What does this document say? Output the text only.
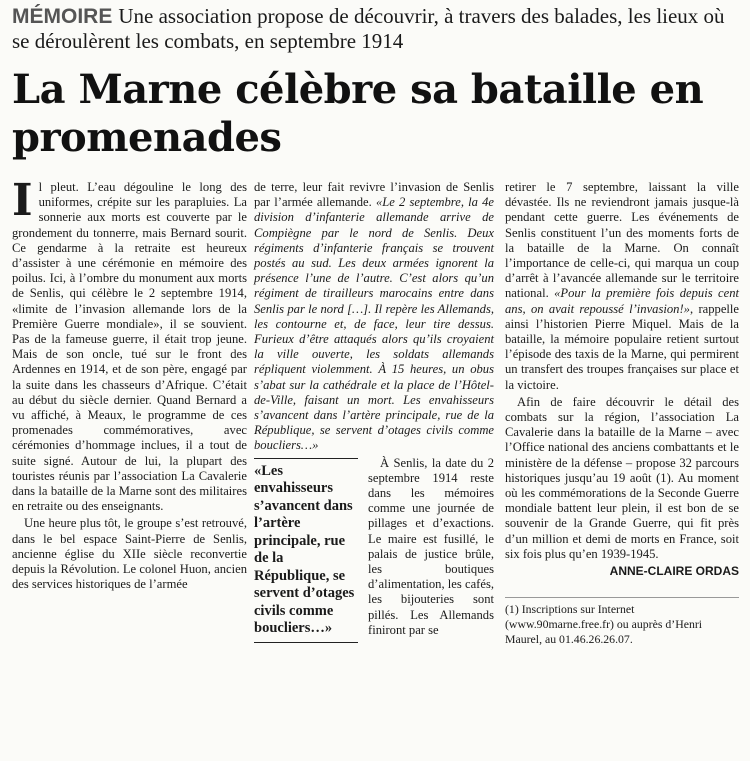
MÉMOIRE Une association propose de découvrir, à travers des balades, les lieux où se déroulèrent les combats, en septembre 1914
La Marne célèbre sa bataille en promenades

Il pleut. L’eau dégouline le long des uniformes, crépite sur les parapluies. La sonnerie aux morts est couverte par le grondement du tonnerre, mais Bernard sourit. Ce gendarme à la retraite est heureux d’assister à une cérémonie en mémoire des poilus. Ici, à l’ombre du monument aux morts de Senlis, qui célèbre le 2 septembre 1914, «limite de l’invasion allemande lors de la Première Guerre mondiale», il se souvient. Pas de la fameuse guerre, il était trop jeune. Mais de son oncle, tué sur le front des Ardennes en 1914, et de son père, engagé par la suite dans les chasseurs d’Afrique. C’était au début du siècle dernier. Quand Bernard a vu affiché, à Meaux, le programme de ces promenades commémoratives, avec cérémonies d’hommage inclues, il a tout de suite signé. Autour de lui, la plupart des touristes réunis par l’association La Cavalerie dans la bataille de la Marne sont des militaires en retraite ou des enseignants.

Une heure plus tôt, le groupe s’est retrouvé, dans le bel espace Saint-Pierre de Senlis, ancienne église du XIIe siècle reconvertie depuis la Révolution. Le colonel Huon, ancien des services historiques de l’armée

de terre, leur fait revivre l’invasion de Senlis par l’armée allemande. «Le 2 septembre, la 4e division d’infanterie allemande arrive de Compiègne par le nord de Senlis. Deux régiments d’infanterie français se trouvent postés au sud. Les deux armées ignorent la présence l’une de l’autre. C’est alors qu’un régiment de tirailleurs marocains entre dans Senlis par le nord […]. Il repère les Allemands, les contourne et, de face, leur tire dessus. Furieux d’être attaqués alors qu’ils croyaient la ville ouverte, les soldats allemands répliquent violemment. À 15 heures, un obus s’abat sur la cathédrale et la place de l’Hôtel-de-Ville, faisant un mort. Les envahisseurs s’avancent dans l’artère principale, rue de la République, se servent d’otages civils comme boucliers…»

«Les envahisseurs s’avancent dans l’artère principale, rue de la République, se servent d’otages civils comme boucliers…»

À Senlis, la date du 2 septembre 1914 reste dans les mémoires comme une journée de pillages et d’exactions. Le maire est fusillé, le palais de justice brûle, les boutiques d’alimentation, les cafés, les bijouteries sont pillés. Les Allemands finiront par se

retirer le 7 septembre, laissant la ville dévastée. Ils ne reviendront jamais jusque-là pendant cette guerre. Les événements de Senlis constituent l’un des moments forts de la bataille de la Marne. On connaît l’importance de celle-ci, qui marqua un coup d’arrêt à l’avancée allemande sur le territoire national. «Pour la première fois depuis cent ans, on avait repoussé l’invasion!», rappelle ainsi l’historien Pierre Miquel. Mais de la bataille, la mémoire populaire retient surtout l’épisode des taxis de la Marne, qui permirent un transfert des troupes françaises sur place et la victoire.

Afin de faire découvrir le détail des combats sur la région, l’association La Cavalerie dans la bataille de la Marne – avec l’Office national des anciens combattants et le ministère de la défense – propose 32 parcours historiques jusqu’au 19 août (1). Au moment où les commémorations de la Seconde Guerre mondiale battent leur plein, il est bon de se souvenir de la Grande Guerre, qui fit près d’un million et demi de morts en France, soit six fois plus qu’en 1939-1945.

ANNE-CLAIRE ORDAS
(1) Inscriptions sur Internet (www.90marne.free.fr) ou auprès d’Henri Maurel, au 01.46.26.26.07.
